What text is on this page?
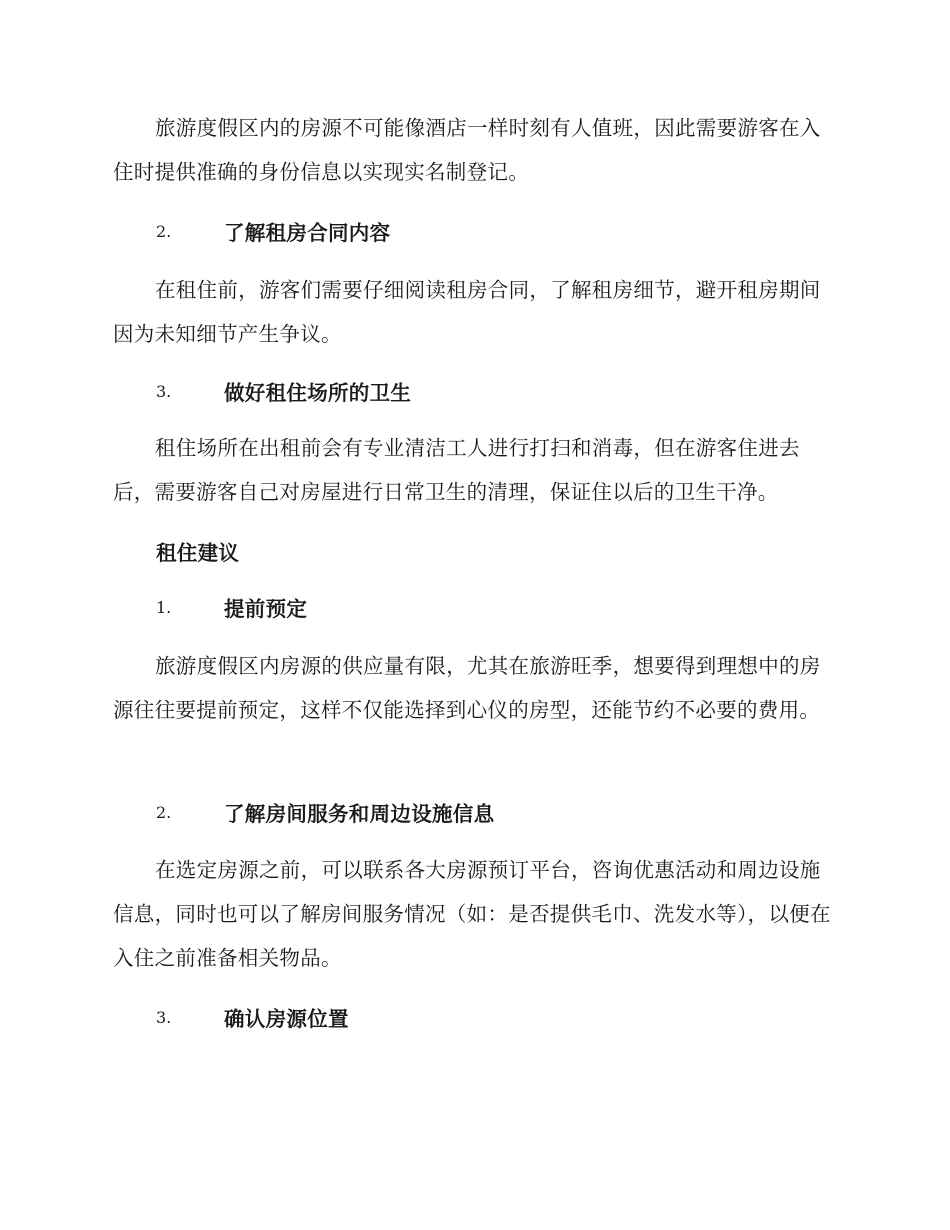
旅游度假区内的房源不可能像酒店一样时刻有人值班，因此需要游客在入住时提供准确的身份信息以实现实名制登记。

2.	了解租房合同内容

在租住前，游客们需要仔细阅读租房合同，了解租房细节，避开租房期间因为未知细节产生争议。

3.	做好租住场所的卫生

租住场所在出租前会有专业清洁工人进行打扫和消毒，但在游客住进去后，需要游客自己对房屋进行日常卫生的清理，保证住以后的卫生干净。

租住建议

1.	提前预定

旅游度假区内房源的供应量有限，尤其在旅游旺季，想要得到理想中的房源往往要提前预定，这样不仅能选择到心仪的房型，还能节约不必要的费用。

2.	了解房间服务和周边设施信息

在选定房源之前，可以联系各大房源预订平台，咨询优惠活动和周边设施信息，同时也可以了解房间服务情况（如：是否提供毛巾、洗发水等），以便在入住之前准备相关物品。

3.	确认房源位置
